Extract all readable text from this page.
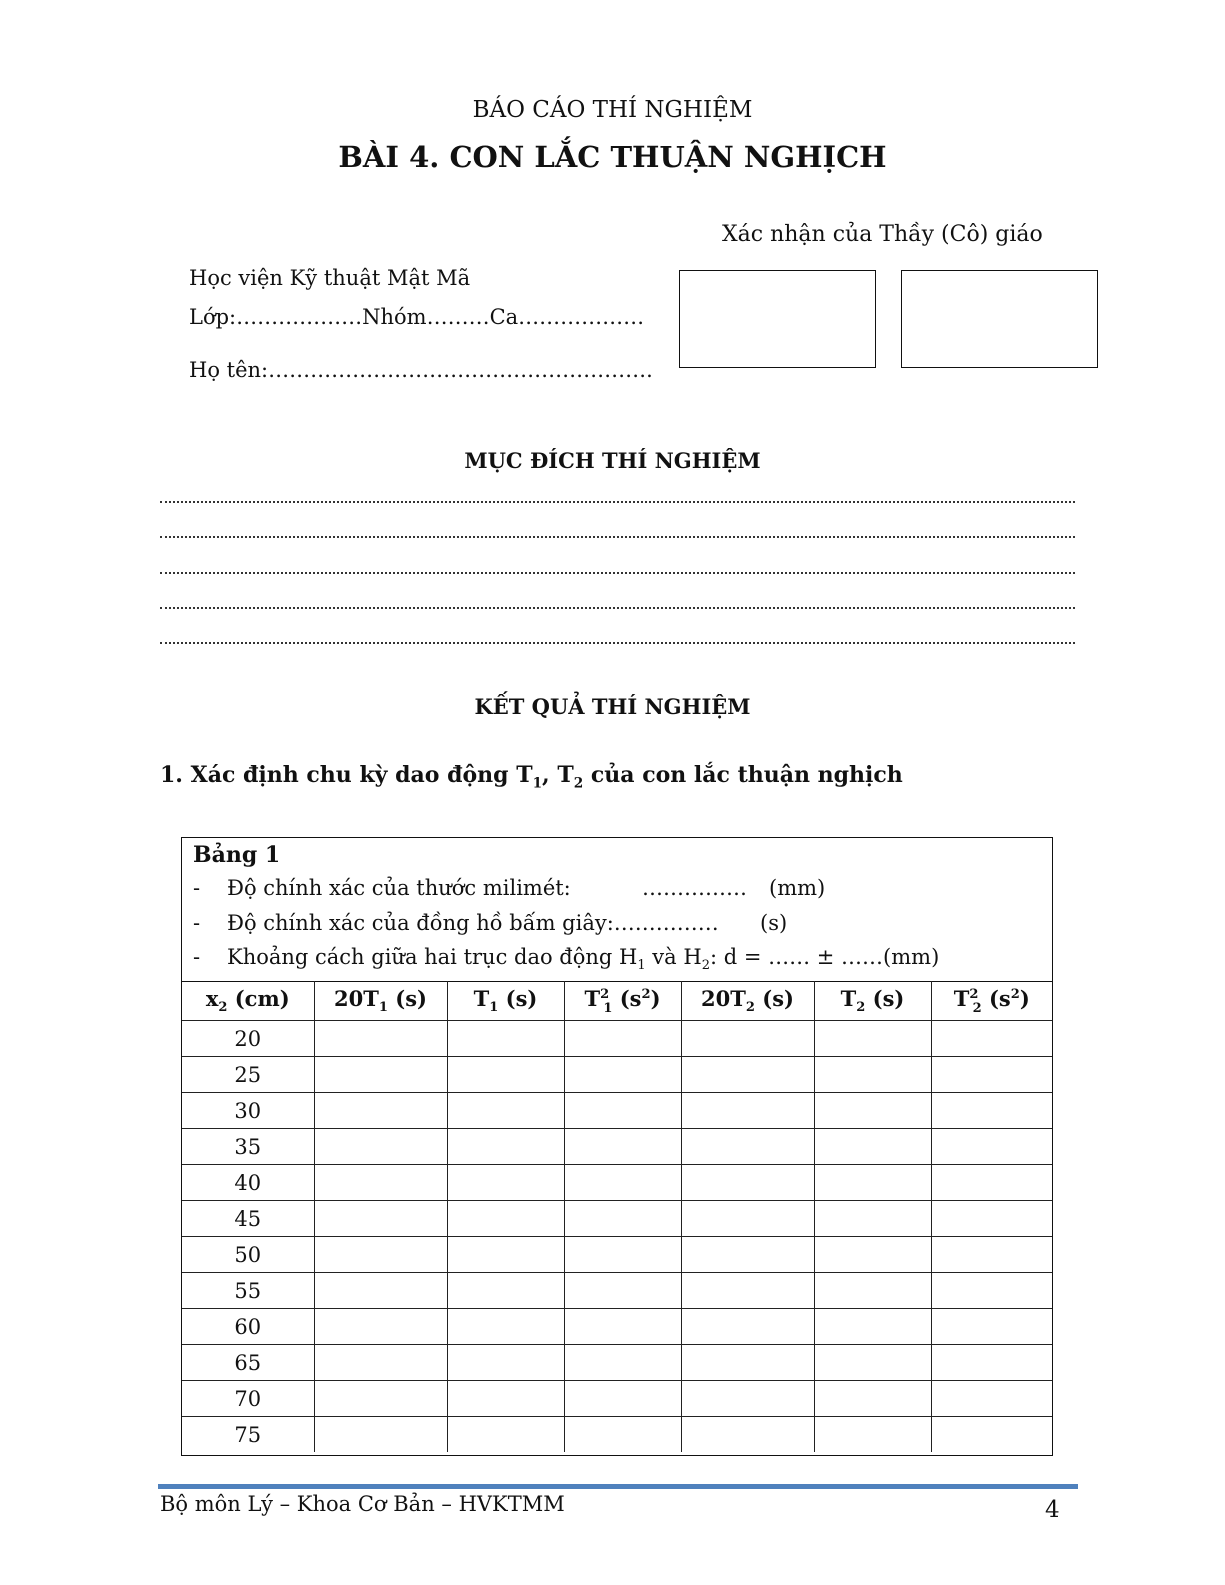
BÁO CÁO THÍ NGHIỆM
BÀI 4. CON LẮC THUẬN NGHỊCH
Xác nhận của Thầy (Cô) giáo
Học viện Kỹ thuật Mật Mã
Lớp:………………Nhóm………Ca………………
Họ tên:……………………………………………….
MỤC ĐÍCH THÍ NGHIỆM
KẾT QUẢ THÍ NGHIỆM
1. Xác định chu kỳ dao động $T_1$, $T_2$ của con lắc thuận nghịch
Bảng 1
- Độ chính xác của thước milimét:	…………… (mm)
- Độ chính xác của đồng hồ bấm giây:…………… (s)
- Khoảng cách giữa hai trục dao động $H_1$ và $H_2$: d = …… ± ……(mm)
$x_2$ (cm)	$20T_1$ (s)	$T_1$ (s)	$T^2_1$ $(s^2)$	$20T_2$ (s)	$T_2$ (s)	$T^2_2$ $(s^2)$
20						
25						
30						
35						
40						
45						
50						
55						
60						
65						
70						
75						
Bộ môn Lý – Khoa Cơ Bản – HVKTMM	4
